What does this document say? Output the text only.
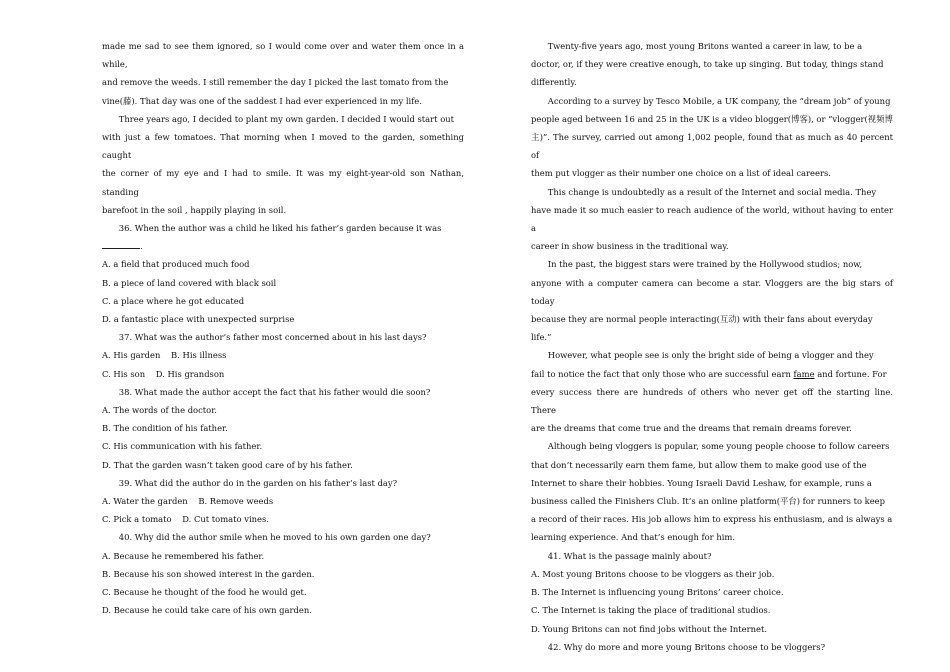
made me sad to see them ignored, so I would come over and water them once in a while,

and remove the weeds. I still remember the day I picked the last tomato from the

vine(藤). That day was one of the saddest I had ever experienced in my life.

Three years ago, I decided to plant my own garden. I decided I would start out

with just a few tomatoes. That morning when I moved to the garden, something caught

the corner of my eye and I had to smile. It was my eight-year-old son Nathan, standing

barefoot in the soil , happily playing in soil.

36. When the author was a child he liked his father’s garden because it was

.

A. a field that produced much food

B. a piece of land covered with black soil

C. a place where he got educated

D. a fantastic place with unexpected surprise

37. What was the author’s father most concerned about in his last days?

A. His garden    B. His illness

C. His son    D. His grandson

38. What made the author accept the fact that his father would die soon?

A. The words of the doctor.

B. The condition of his father.

C. His communication with his father.

D. That the garden wasn’t taken good care of by his father.

39. What did the author do in the garden on his father’s last day?

A. Water the garden    B. Remove weeds

C. Pick a tomato    D. Cut tomato vines.

40. Why did the author smile when he moved to his own garden one day?

A. Because he remembered his father.

B. Because his son showed interest in the garden.

C. Because he thought of the food he would get.

D. Because he could take care of his own garden.

Twenty-five years ago, most young Britons wanted a career in law, to be a

doctor, or, if they were creative enough, to take up singing. But today, things stand

differently.

According to a survey by Tesco Mobile, a UK company, the “dream job” of young

people aged between 16 and 25 in the UK is a video blogger(博客), or “vlogger(视频博

主)”. The survey, carried out among 1,002 people, found that as much as 40 percent of

them put vlogger as their number one choice on a list of ideal careers.

This change is undoubtedly as a result of the Internet and social media. They

have made it so much easier to reach audience of the world, without having to enter a

career in show business in the traditional way.

In the past, the biggest stars were trained by the Hollywood studios; now,

anyone with a computer camera can become a star. Vloggers are the big stars of today

because they are normal people interacting(互动) with their fans about everyday

life.”

However, what people see is only the bright side of being a vlogger and they

fail to notice the fact that only those who are successful earn fame and fortune. For

every success there are hundreds of others who never get off the starting line. There

are the dreams that come true and the dreams that remain dreams forever.

Although being vloggers is popular, some young people choose to follow careers

that don’t necessarily earn them fame, but allow them to make good use of the

Internet to share their hobbies. Young Israeli David Leshaw, for example, runs a

business called the Finishers Club. It’s an online platform(平台) for runners to keep

a record of their races. His job allows him to express his enthusiasm, and is always a

learning experience. And that’s enough for him.

41. What is the passage mainly about?

A. Most young Britons choose to be vloggers as their job.

B. The Internet is influencing young Britons’ career choice.

C. The Internet is taking the place of traditional studios.

D. Young Britons can not find jobs without the Internet.

42. Why do more and more young Britons choose to be vloggers?
